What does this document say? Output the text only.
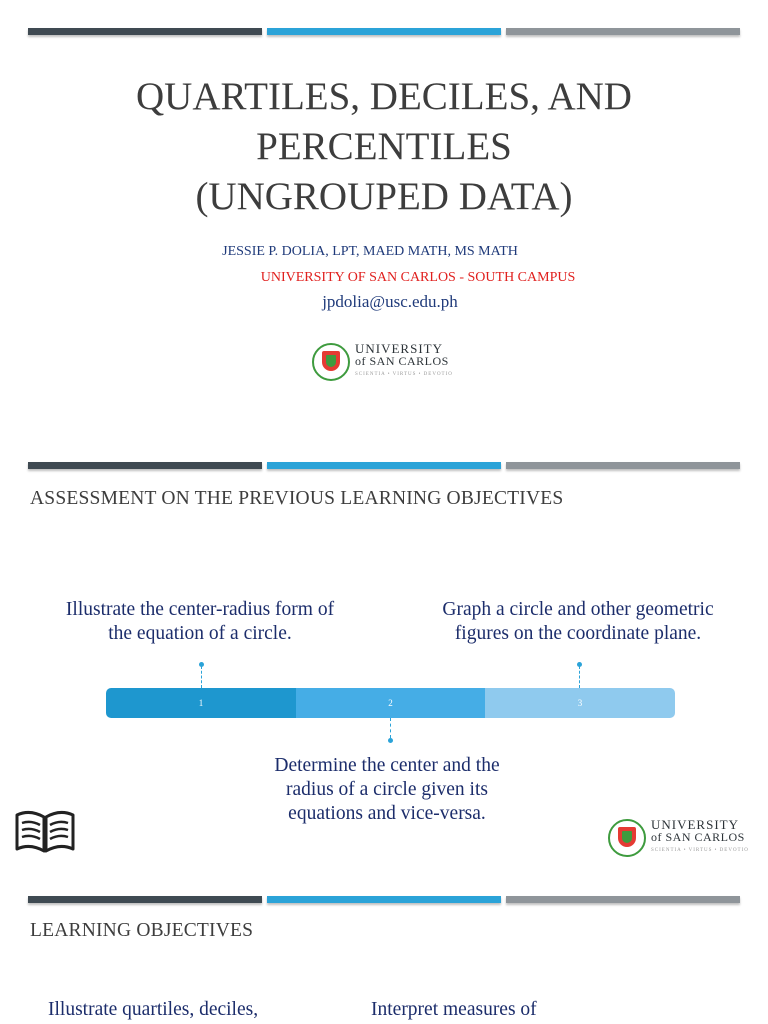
QUARTILES, DECILES, AND
PERCENTILES
(UNGROUPED DATA)
JESSIE P. DOLIA, LPT, MAED MATH, MS MATH
UNIVERSITY OF SAN CARLOS - SOUTH CAMPUS
jpdolia@usc.edu.ph
UNIVERSITY
of SAN CARLOS
SCIENTIA • VIRTUS • DEVOTIO
ASSESSMENT ON THE PREVIOUS LEARNING OBJECTIVES
Illustrate the center-radius form of
the equation of a circle.
Graph a circle and other geometric
figures on the coordinate plane.
1	2	3
Determine the center and the
radius of a circle given its
equations and vice-versa.
UNIVERSITY
of SAN CARLOS
SCIENTIA • VIRTUS • DEVOTIO
LEARNING OBJECTIVES
Illustrate quartiles, deciles,	Interpret measures of
